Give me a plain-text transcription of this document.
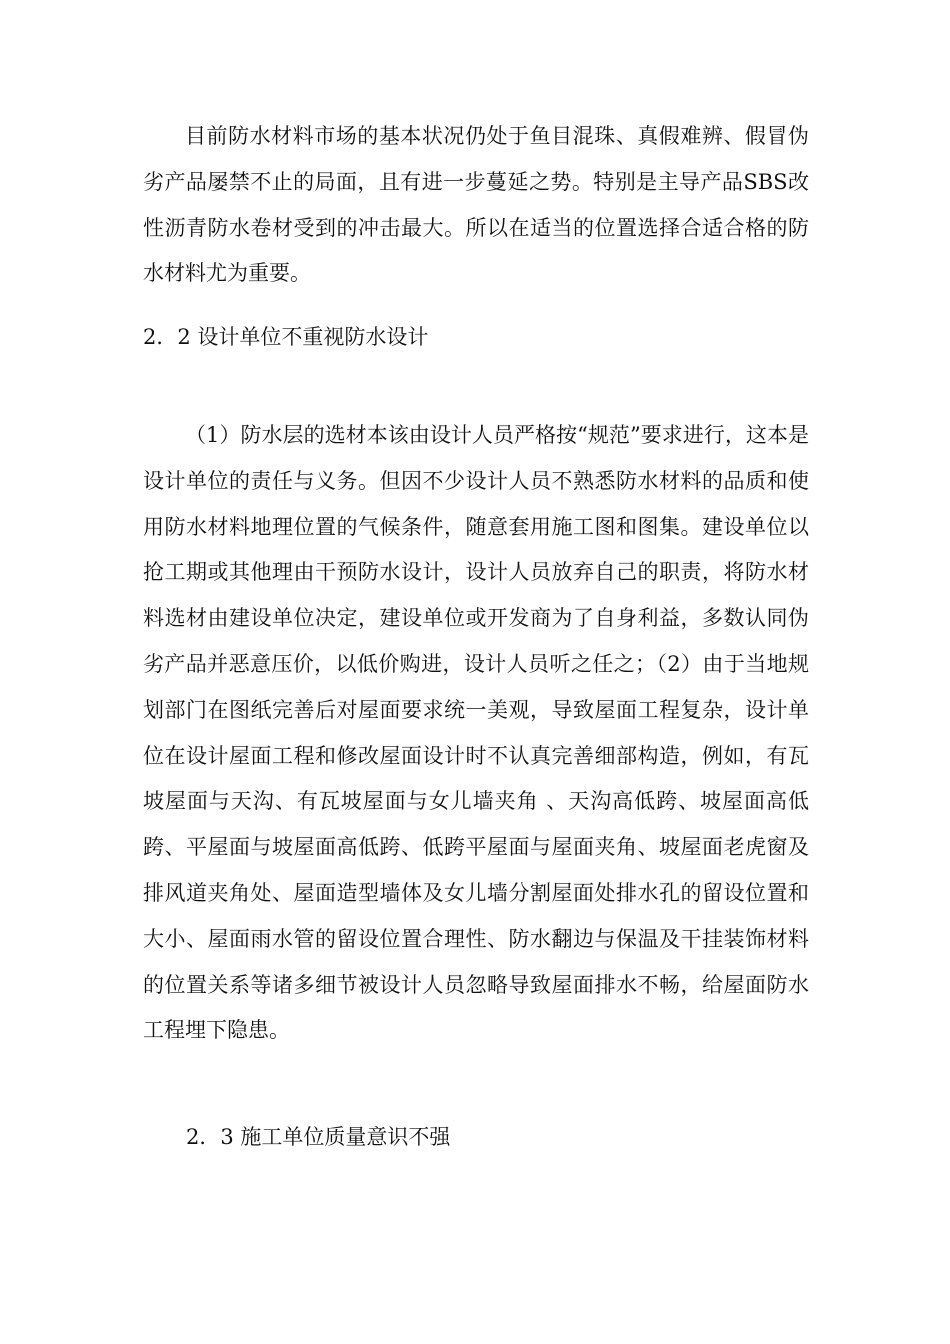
目前防水材料市场的基本状况仍处于鱼目混珠、真假难辨、假冒伪劣产品屡禁不止的局面，且有进一步蔓延之势。特别是主导产品SBS改性沥青防水卷材受到的冲击最大。所以在适当的位置选择合适合格的防水材料尤为重要。

2．2 设计单位不重视防水设计

（1）防水层的选材本该由设计人员严格按“规范”要求进行，这本是设计单位的责任与义务。但因不少设计人员不熟悉防水材料的品质和使用防水材料地理位置的气候条件，随意套用施工图和图集。建设单位以抢工期或其他理由干预防水设计，设计人员放弃自己的职责，将防水材料选材由建设单位决定，建设单位或开发商为了自身利益，多数认同伪劣产品并恶意压价，以低价购进，设计人员听之任之；（2）由于当地规划部门在图纸完善后对屋面要求统一美观，导致屋面工程复杂，设计单位在设计屋面工程和修改屋面设计时不认真完善细部构造，例如，有瓦坡屋面与天沟、有瓦坡屋面与女儿墙夹角 、天沟高低跨、坡屋面高低跨、平屋面与坡屋面高低跨、低跨平屋面与屋面夹角、坡屋面老虎窗及排风道夹角处、屋面造型墙体及女儿墙分割屋面处排水孔的留设位置和大小、屋面雨水管的留设位置合理性、防水翻边与保温及干挂装饰材料的位置关系等诸多细节被设计人员忽略导致屋面排水不畅，给屋面防水工程埋下隐患。

2．3 施工单位质量意识不强
